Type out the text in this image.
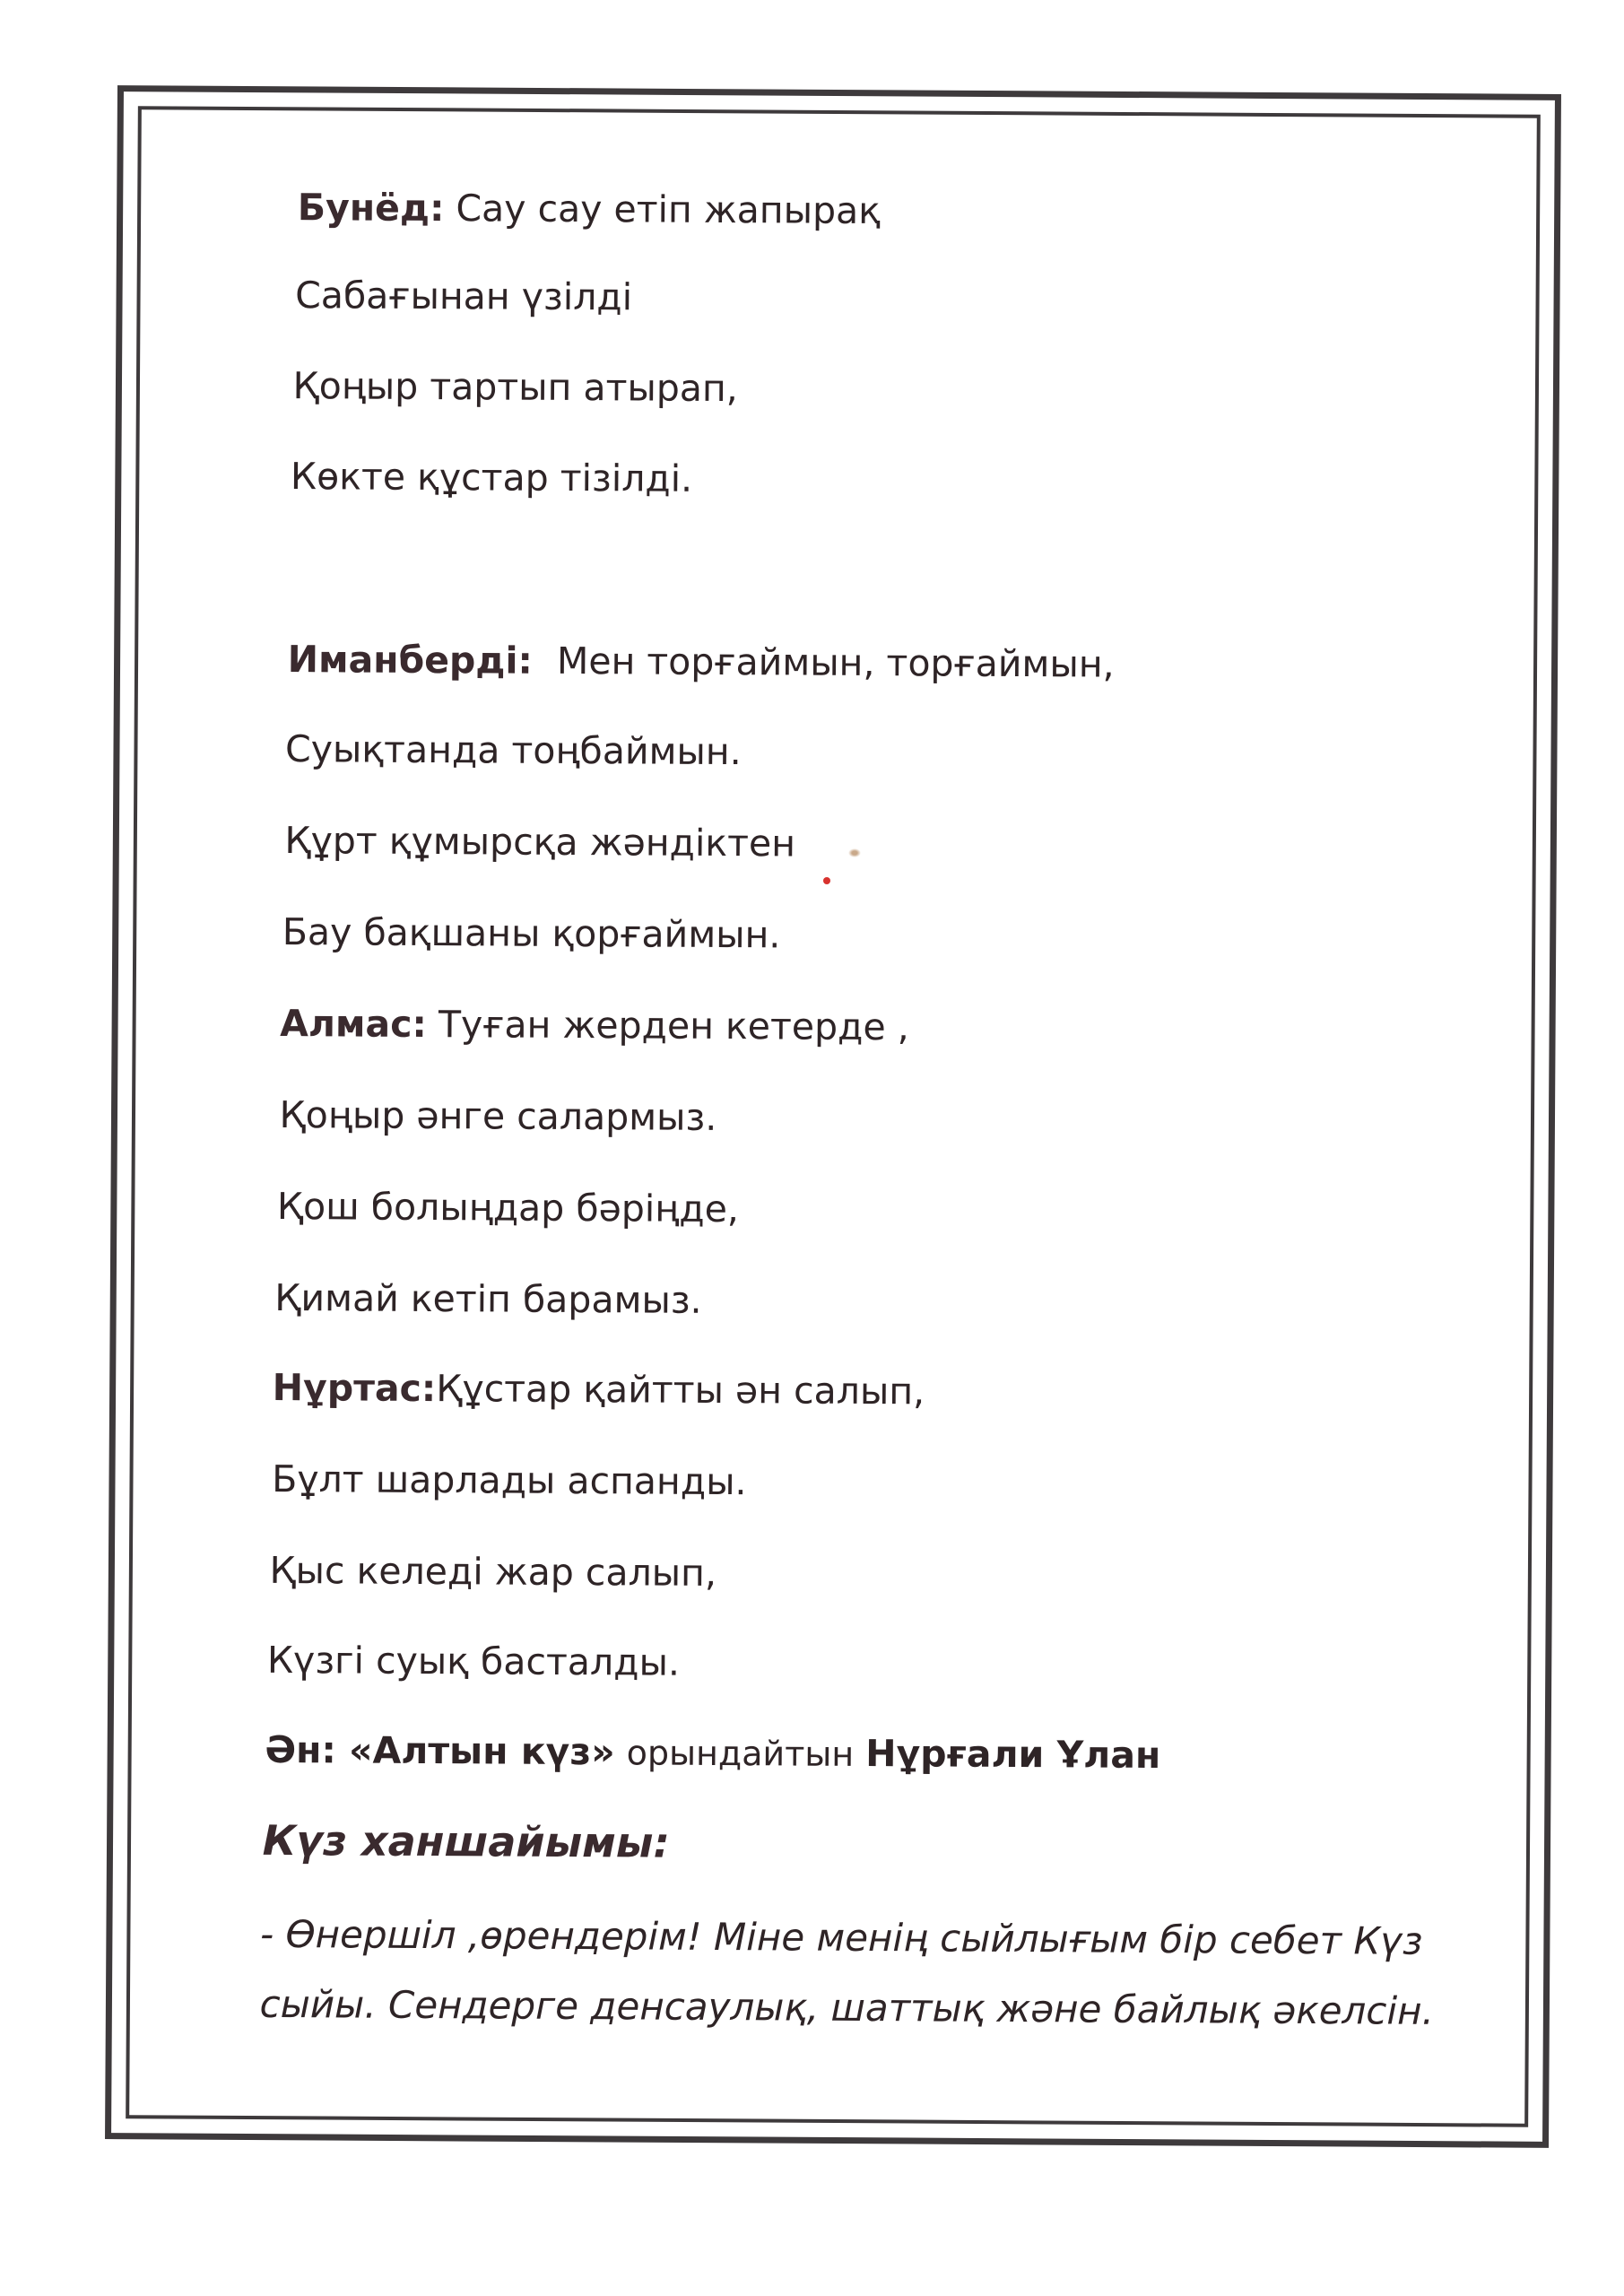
Бунёд: Сау сау етіп жапырақ
Сабағынан үзілді
Қоңыр тартып атырап,
Көкте құстар тізілді.
Иманберді: Мен торғаймын, торғаймын,
Суықтанда тоңбаймын.
Құрт құмырсқа жәндіктен
Бау бақшаны қорғаймын.
Алмас: Туған жерден кетерде ,
Қоңыр әнге салармыз.
Қош болыңдар бәріңде,
Қимай кетіп барамыз.
Нұртас:Құстар қайтты ән салып,
Бұлт шарлады аспанды.
Қыс келеді жар салып,
Күзгі суық басталды.
Ән: «Алтын күз» орындайтын Нұрғали Ұлан
Күз ханшайымы:
- Өнершіл ,өрендерім! Міне менің сыйлығым бір себет Күз
сыйы. Сендерге денсаулық, шаттық және байлық әкелсін.
